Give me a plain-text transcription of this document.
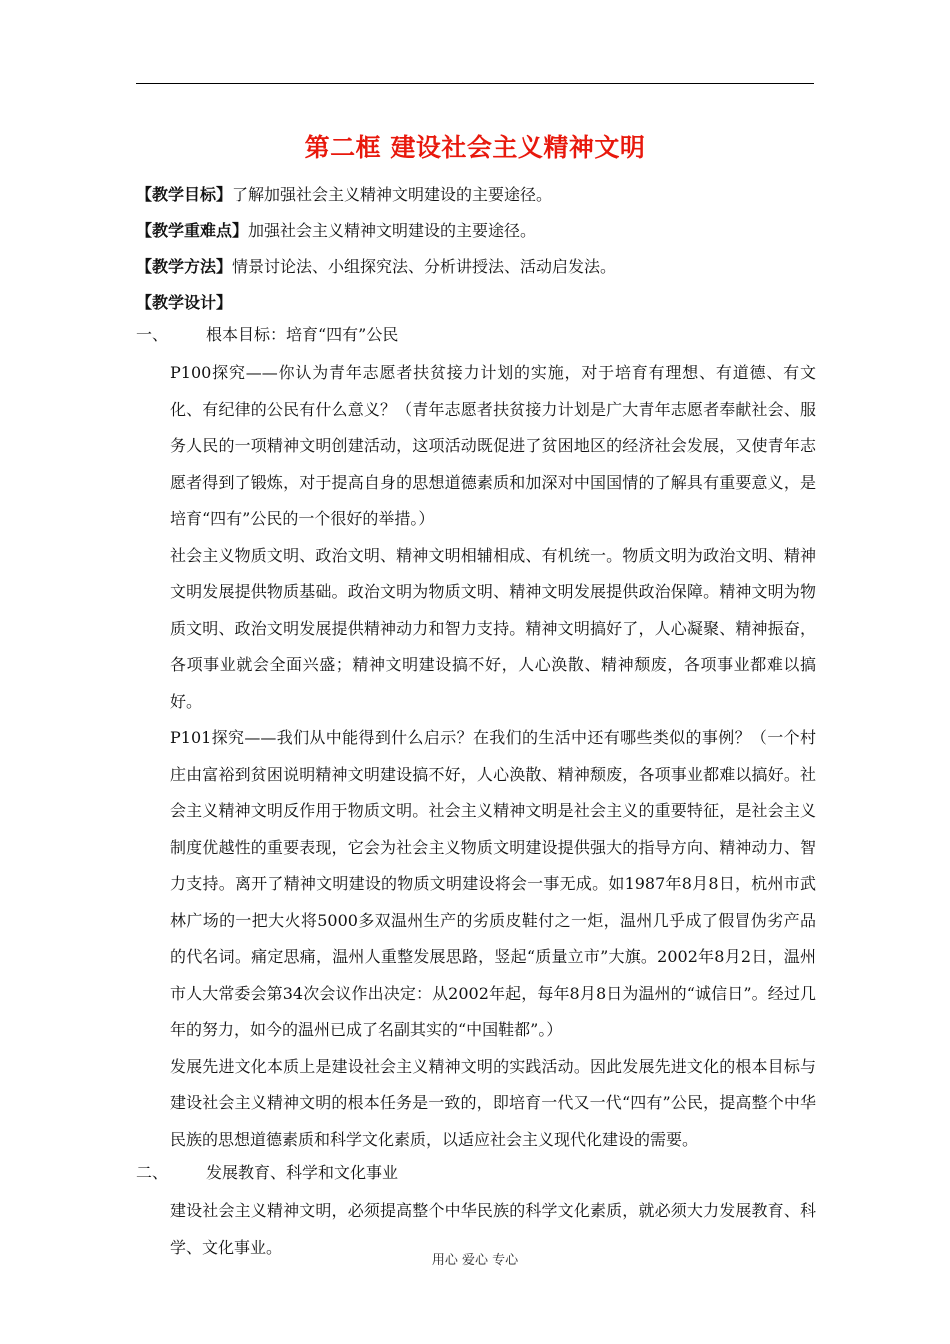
第二框 建设社会主义精神文明

【教学目标】了解加强社会主义精神文明建设的主要途径。

【教学重难点】加强社会主义精神文明建设的主要途径。

【教学方法】情景讨论法、小组探究法、分析讲授法、活动启发法。

【教学设计】

一、 根本目标：培育“四有”公民

P100探究——你认为青年志愿者扶贫接力计划的实施，对于培育有理想、有道德、有文化、有纪律的公民有什么意义？（青年志愿者扶贫接力计划是广大青年志愿者奉献社会、服务人民的一项精神文明创建活动，这项活动既促进了贫困地区的经济社会发展，又使青年志愿者得到了锻炼，对于提高自身的思想道德素质和加深对中国国情的了解具有重要意义，是培育“四有”公民的一个很好的举措。）

社会主义物质文明、政治文明、精神文明相辅相成、有机统一。物质文明为政治文明、精神文明发展提供物质基础。政治文明为物质文明、精神文明发展提供政治保障。精神文明为物质文明、政治文明发展提供精神动力和智力支持。精神文明搞好了，人心凝聚、精神振奋，各项事业就会全面兴盛；精神文明建设搞不好，人心涣散、精神颓废，各项事业都难以搞好。

P101探究——我们从中能得到什么启示？在我们的生活中还有哪些类似的事例？（一个村庄由富裕到贫困说明精神文明建设搞不好，人心涣散、精神颓废，各项事业都难以搞好。社会主义精神文明反作用于物质文明。社会主义精神文明是社会主义的重要特征，是社会主义制度优越性的重要表现，它会为社会主义物质文明建设提供强大的指导方向、精神动力、智力支持。离开了精神文明建设的物质文明建设将会一事无成。如1987年8月8日，杭州市武林广场的一把大火将5000多双温州生产的劣质皮鞋付之一炬，温州几乎成了假冒伪劣产品的代名词。痛定思痛，温州人重整发展思路，竖起“质量立市”大旗。2002年8月2日，温州市人大常委会第34次会议作出决定：从2002年起，每年8月8日为温州的“诚信日”。经过几年的努力，如今的温州已成了名副其实的“中国鞋都”。）

发展先进文化本质上是建设社会主义精神文明的实践活动。因此发展先进文化的根本目标与建设社会主义精神文明的根本任务是一致的，即培育一代又一代“四有”公民，提高整个中华民族的思想道德素质和科学文化素质，以适应社会主义现代化建设的需要。

二、 发展教育、科学和文化事业

建设社会主义精神文明，必须提高整个中华民族的科学文化素质，就必须大力发展教育、科学、文化事业。

用心 爱心 专心
